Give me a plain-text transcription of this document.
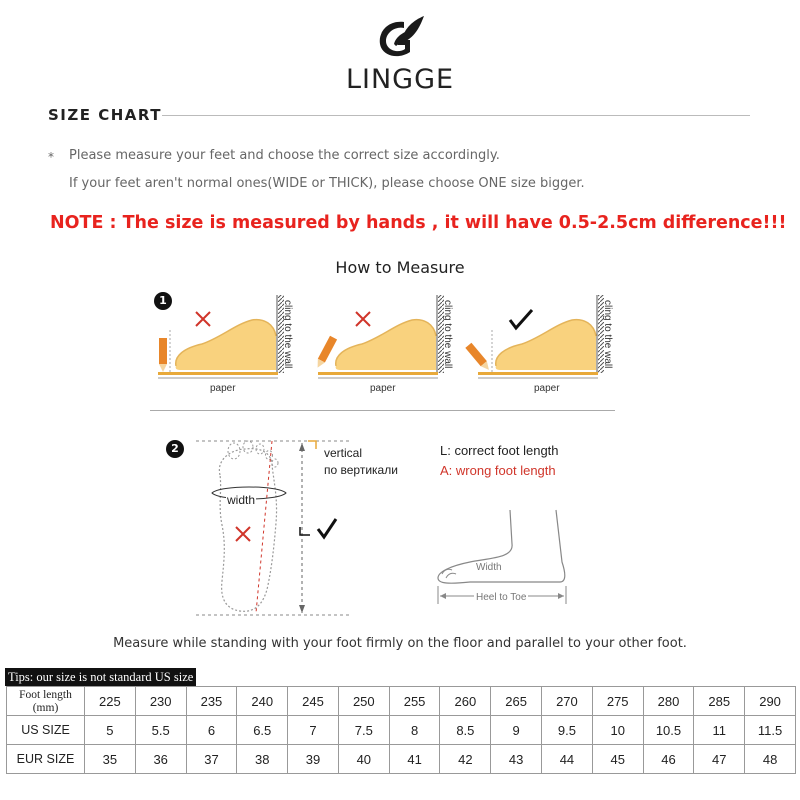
LINGGE
SIZE CHART
* Please measure your feet and choose the correct size accordingly.
If your feet aren't normal ones(WIDE or THICK), please choose ONE size bigger.
NOTE : The size is measured by hands , it will have 0.5-2.5cm difference!!!
How to Measure
1
paper
cling to the wall
paper
cling to the wall
paper
cling to the wall
2	vertical
по вертикали
width
L: correct foot length
A: wrong foot length
Width
Heel to Toe
Measure while standing with your foot firmly on the floor and parallel to your other foot.
Tips: our size is not standard US size
Foot length
(mm)	225	230	235	240	245	250	255	260	265	270	275	280	285	290
US SIZE	5	5.5	6	6.5	7	7.5	8	8.5	9	9.5	10	10.5	11	11.5
EUR SIZE	35	36	37	38	39	40	41	42	43	44	45	46	47	48
